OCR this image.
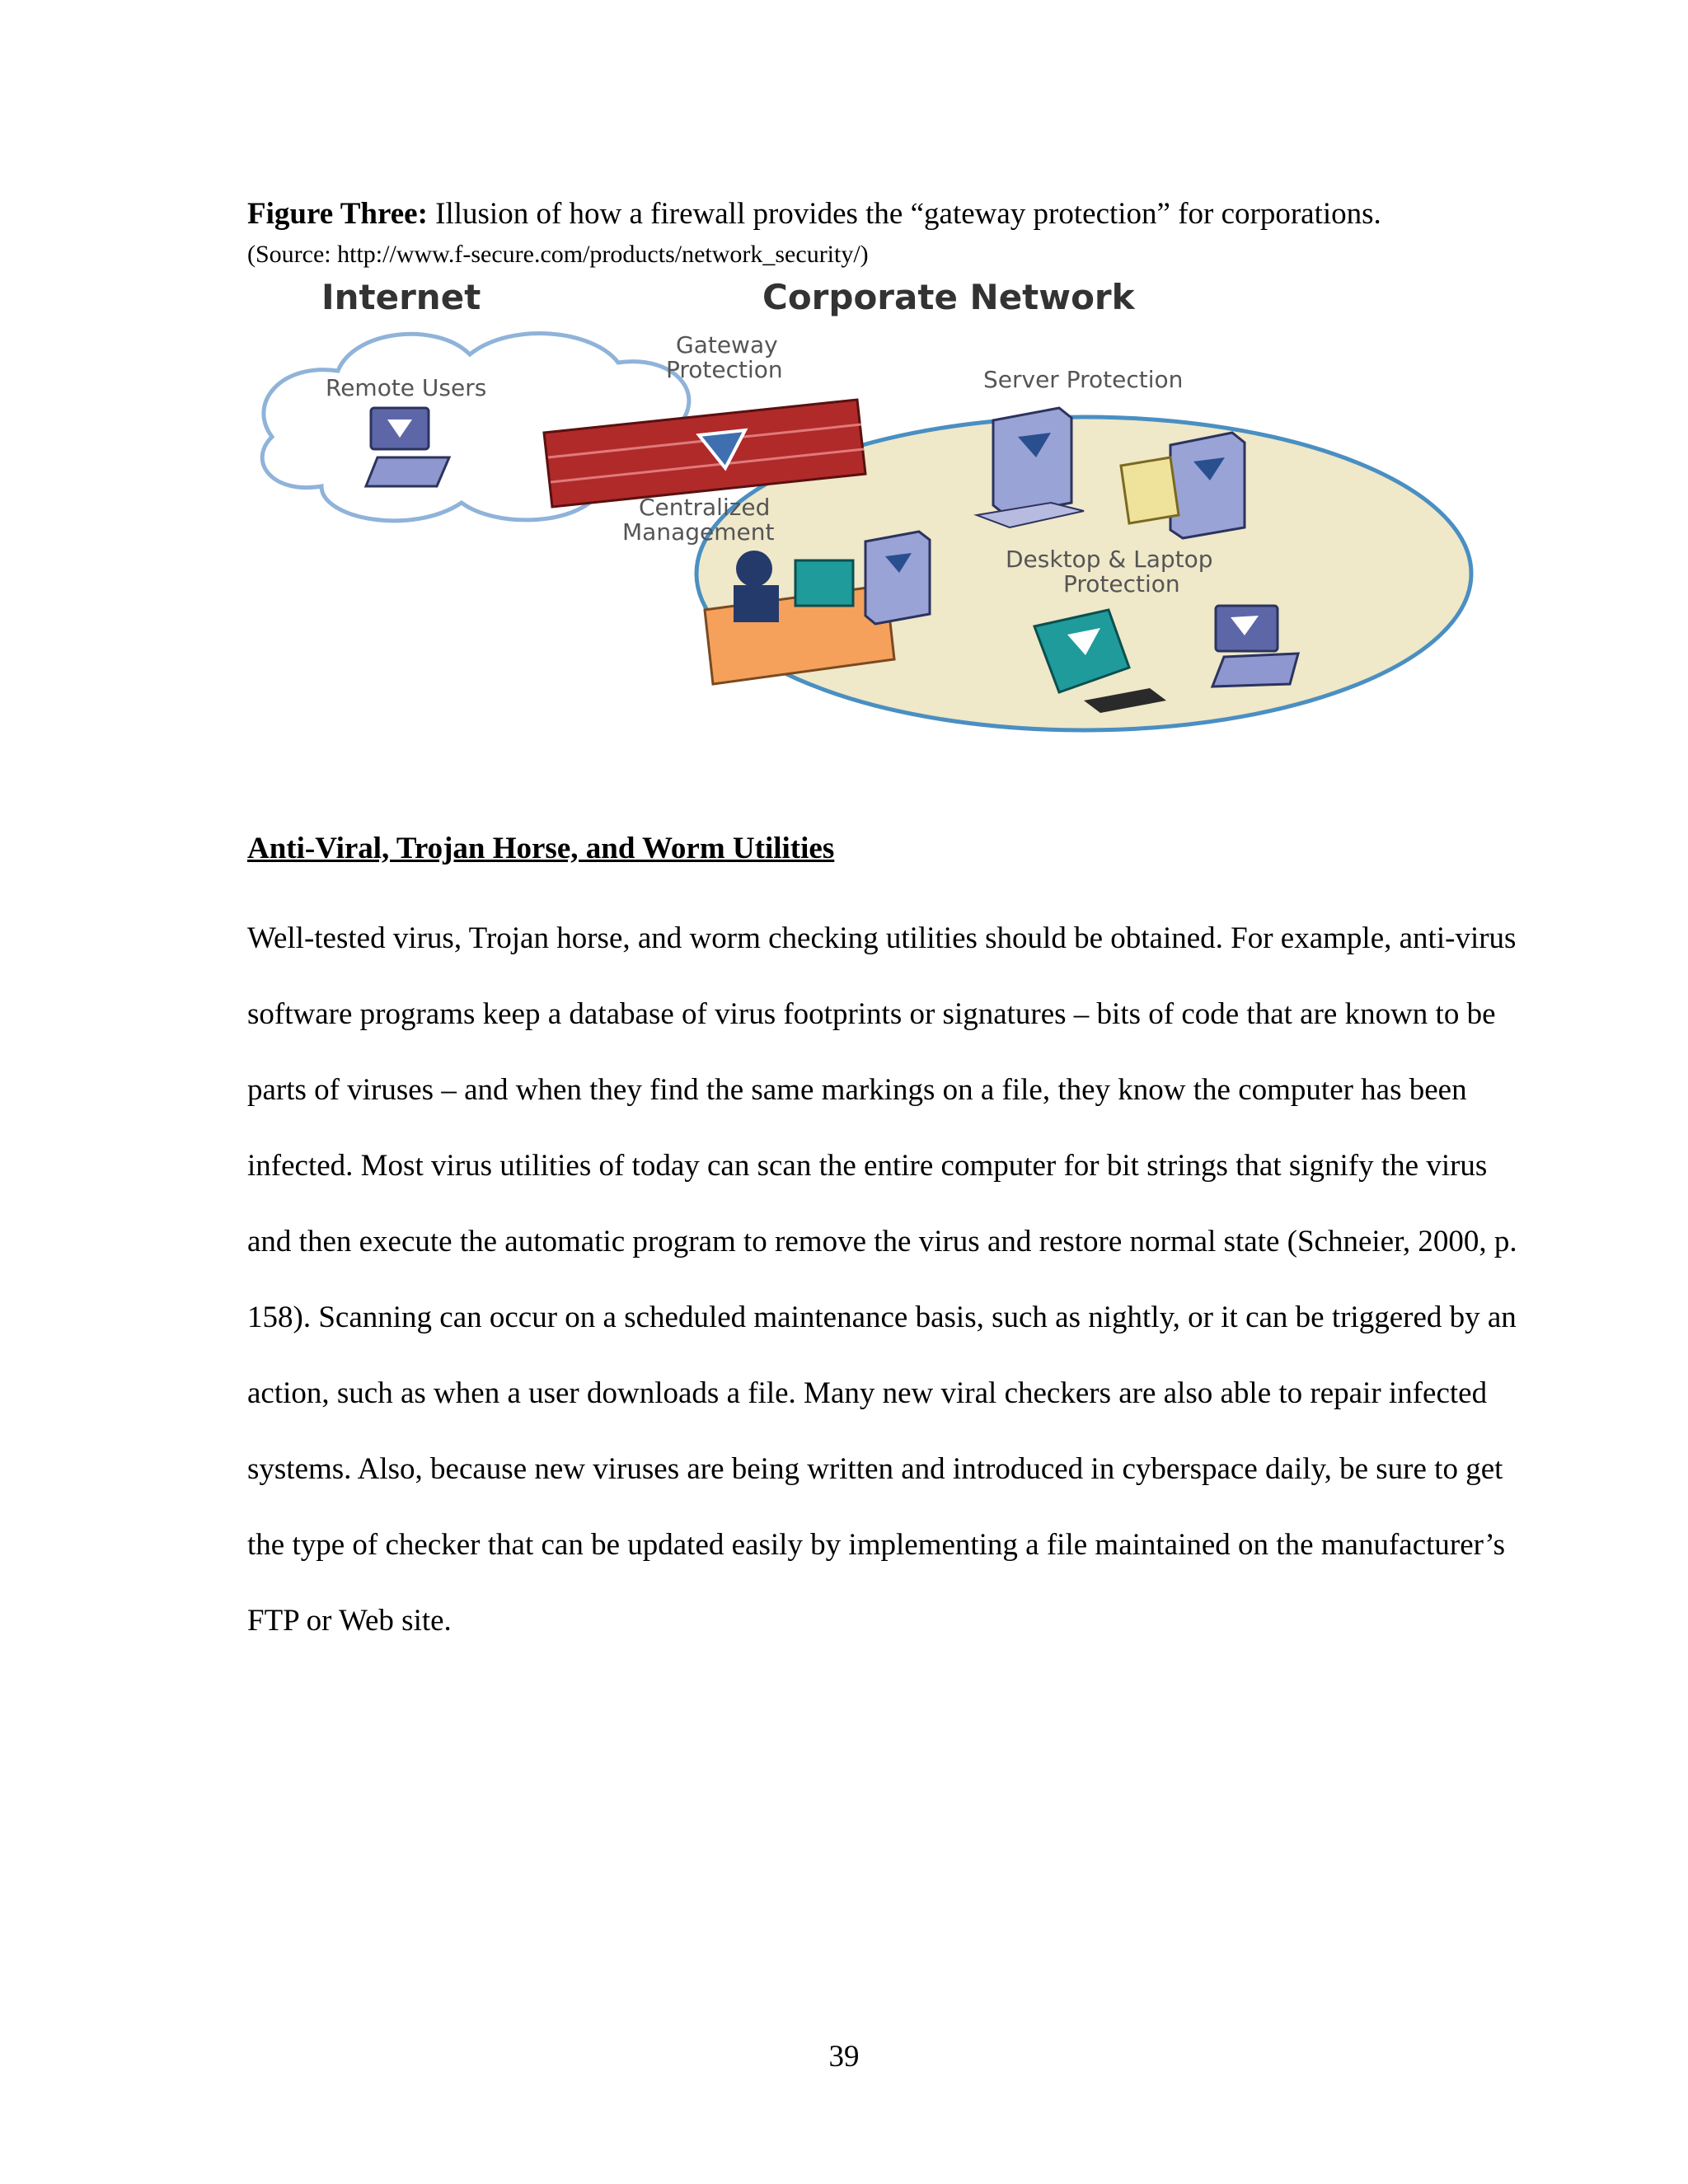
Figure Three: Illusion of how a firewall provides the “gateway protection” for corporations. (Source: http://www.f-secure.com/products/network_security/)
Internet	Corporate Network
Remote Users
Gateway
Protection	Server Protection
Centralized
Management
Desktop & Laptop
Protection
Anti-Viral, Trojan Horse, and Worm Utilities

Well-tested virus, Trojan horse, and worm checking utilities should be obtained. For example, anti-virus software programs keep a database of virus footprints or signatures – bits of code that are known to be parts of viruses – and when they find the same markings on a file, they know the computer has been infected. Most virus utilities of today can scan the entire computer for bit strings that signify the virus and then execute the automatic program to remove the virus and restore normal state (Schneier, 2000, p. 158). Scanning can occur on a scheduled maintenance basis, such as nightly, or it can be triggered by an action, such as when a user downloads a file. Many new viral checkers are also able to repair infected systems. Also, because new viruses are being written and introduced in cyberspace daily, be sure to get the type of checker that can be updated easily by implementing a file maintained on the manufacturer’s FTP or Web site.

39
